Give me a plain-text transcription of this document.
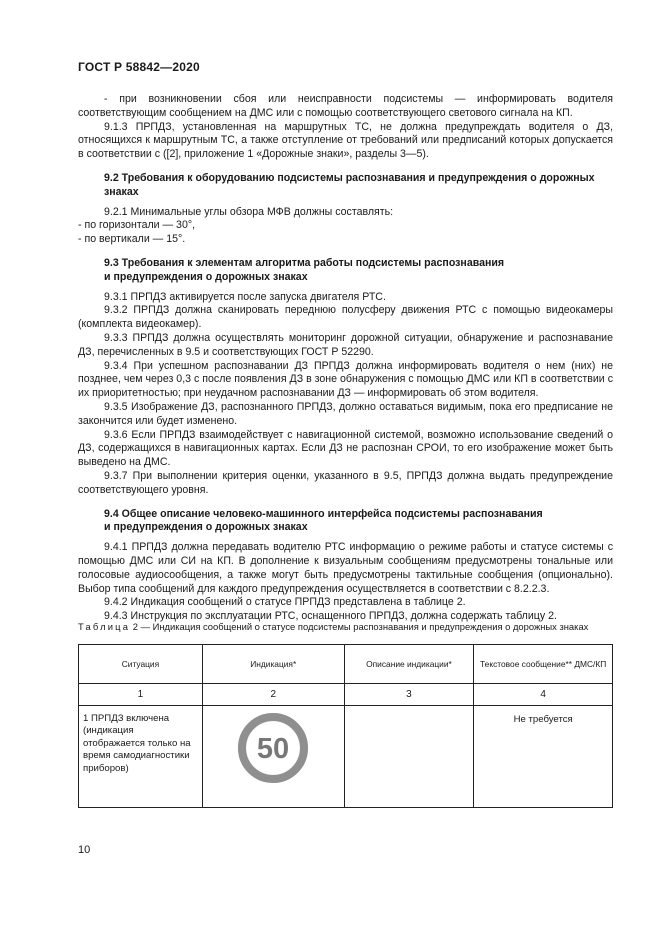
ГОСТ Р 58842—2020

- при возникновении сбоя или неисправности подсистемы — информировать водителя соответствующим сообщением на ДМС или с помощью соответствующего светового сигнала на КП.

9.1.3 ПРПДЗ, установленная на маршрутных ТС, не должна предупреждать водителя о ДЗ, относящихся к маршрутным ТС, а также отступление от требований или предписаний которых допускается в соответствии с ([2], приложение 1 «Дорожные знаки», разделы 3—5).

9.2 Требования к оборудованию подсистемы распознавания и предупреждения о дорожных
знаках

9.2.1 Минимальные углы обзора МФВ должны составлять:

- по горизонтали — 30°,

- по вертикали — 15°.

9.3 Требования к элементам алгоритма работы подсистемы распознавания
и предупреждения о дорожных знаках

9.3.1 ПРПДЗ активируется после запуска двигателя РТС.

9.3.2 ПРПДЗ должна сканировать переднюю полусферу движения РТС с помощью видеокамеры (комплекта видеокамер).

9.3.3 ПРПДЗ должна осуществлять мониторинг дорожной ситуации, обнаружение и распознавание ДЗ, перечисленных в 9.5 и соответствующих ГОСТ Р 52290.

9.3.4 При успешном распознавании ДЗ ПРПДЗ должна информировать водителя о нем (них) не позднее, чем через 0,3 с после появления ДЗ в зоне обнаружения с помощью ДМС или КП в соответствии с их приоритетностью; при неудачном распознавании ДЗ — информировать об этом водителя.

9.3.5 Изображение ДЗ, распознанного ПРПДЗ, должно оставаться видимым, пока его предписание не закончится или будет изменено.

9.3.6 Если ПРПДЗ взаимодействует с навигационной системой, возможно использование сведений о ДЗ, содержащихся в навигационных картах. Если ДЗ не распознан СРОИ, то его изображение может быть выведено на ДМС.

9.3.7 При выполнении критерия оценки, указанного в 9.5, ПРПДЗ должна выдать предупреждение соответствующего уровня.

9.4 Общее описание человеко-машинного интерфейса подсистемы распознавания
и предупреждения о дорожных знаках

9.4.1 ПРПДЗ должна передавать водителю РТС информацию о режиме работы и статусе системы с помощью ДМС или СИ на КП. В дополнение к визуальным сообщениям предусмотрены тональные или голосовые аудиосообщения, а также могут быть предусмотрены тактильные сообщения (опционально). Выбор типа сообщений для каждого предупреждения осуществляется в соответствии с 8.2.2.3.

9.4.2 Индикация сообщений о статусе ПРПДЗ представлена в таблице 2.

9.4.3 Инструкция по эксплуатации РТС, оснащенного ПРПДЗ, должна содержать таблицу 2.

Таблица 2 — Индикация сообщений о статусе подсистемы распознавания и предупреждения о дорожных знаках
Ситуация	Индикация*	Описание индикации*	Текстовое сообщение** ДМС/КП
1	2	3	4

1 ПРПДЗ включена (индикация отображается только на время самодиагностики приборов)	50		Не требуется
10
